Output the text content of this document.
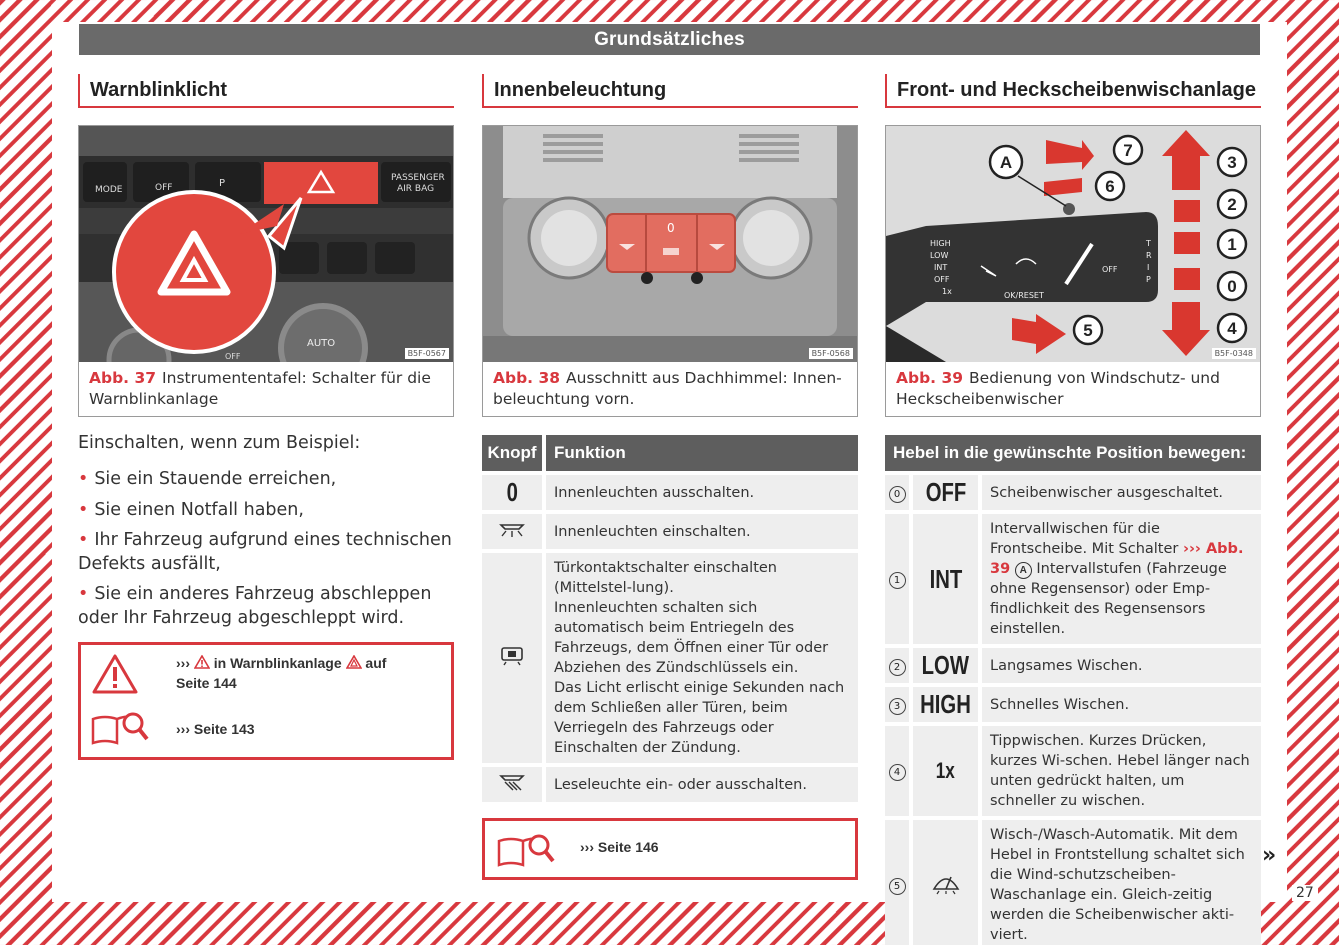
Grundsätzliches
Warnblinklicht
MODE	OFF	P	PASSENGER
AIR BAG
AUTO
OFF	B5F-0567
Abb. 37 Instrumententafel: Schalter für die Warnblinkanlage
Einschalten, wenn zum Beispiel:
• Sie ein Stauende erreichen,
• Sie einen Notfall haben,
• Ihr Fahrzeug aufgrund eines technischen Defekts ausfällt,
• Sie ein anderes Fahrzeug abschleppen oder Ihr Fahrzeug abgeschleppt wird.
››› in Warnblinkanlage auf
Seite 144
››› Seite 143
Innenbeleuchtung
0
B5F-0568
Abb. 38 Ausschnitt aus Dachhimmel: Innen-beleuchtung vorn.
Knopf	Funktion
0	Innenleuchten ausschalten.
	Innenleuchten einschalten.
	Türkontaktschalter einschalten (Mittelstel-lung).
Innenleuchten schalten sich automatisch beim Entriegeln des Fahrzeugs, dem Öffnen einer Tür oder Abziehen des Zündschlüssels ein.
Das Licht erlischt einige Sekunden nach dem Schließen aller Türen, beim Verriegeln des Fahrzeugs oder Einschalten der Zündung.
	Leseleuchte ein- oder ausschalten.
››› Seite 146
Front- und Heckscheibenwischanlage
HIGH
LOW
INT
OFF
1x	OK/RESET
OFF
T
R
I
P
A
7
6
3
2
1
0
5	4
B5F-0348
Abb. 39 Bedienung von Windschutz- und Heckscheibenwischer
Hebel in die gewünschte Position bewegen:		
0	OFF	Scheibenwischer ausgeschaltet.
1	INT	Intervallwischen für die Frontscheibe. Mit Schalter ››› Abb. 39 A Intervallstufen (Fahrzeuge ohne Regensensor) oder Emp-findlichkeit des Regensensors einstellen.
2	LOW	Langsames Wischen.
3	HIGH	Schnelles Wischen.
4	1x	Tippwischen. Kurzes Drücken, kurzes Wi-schen. Hebel länger nach unten gedrückt halten, um schneller zu wischen.
5		Wisch-/Wasch-Automatik. Mit dem Hebel in Frontstellung schaltet sich die Wind-schutzscheiben-Waschanlage ein. Gleich-zeitig werden die Scheibenwischer akti-viert.
»
27
